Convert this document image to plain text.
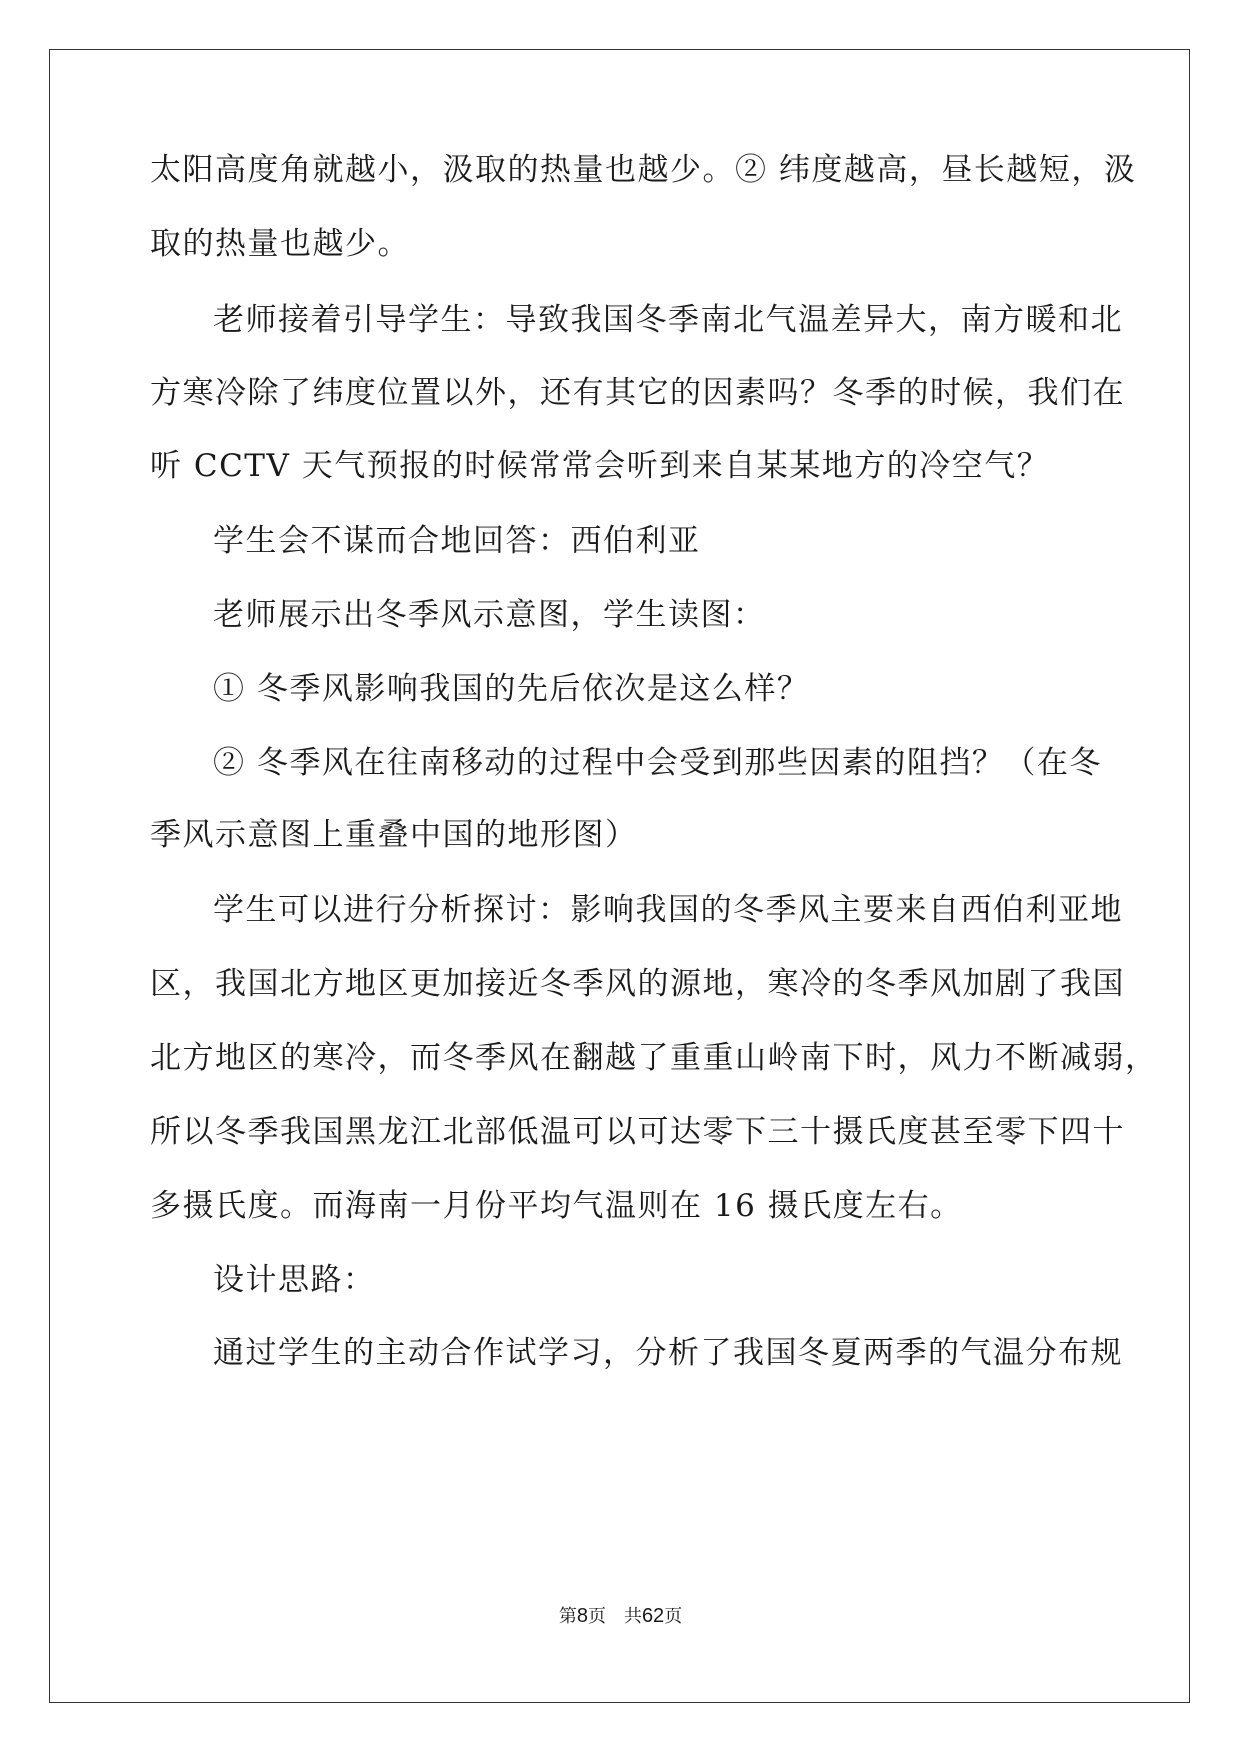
太阳高度角就越小，汲取的热量也越少。② 纬度越高，昼长越短，汲
取的热量也越少。
老师接着引导学生：导致我国冬季南北气温差异大，南方暖和北
方寒冷除了纬度位置以外，还有其它的因素吗？冬季的时候，我们在
听 CCTV 天气预报的时候常常会听到来自某某地方的冷空气？
学生会不谋而合地回答：西伯利亚
老师展示出冬季风示意图，学生读图：
① 冬季风影响我国的先后依次是这么样？
② 冬季风在往南移动的过程中会受到那些因素的阻挡？（在冬
季风示意图上重叠中国的地形图）
学生可以进行分析探讨：影响我国的冬季风主要来自西伯利亚地
区，我国北方地区更加接近冬季风的源地，寒冷的冬季风加剧了我国
北方地区的寒冷，而冬季风在翻越了重重山岭南下时，风力不断减弱，
所以冬季我国黑龙江北部低温可以可达零下三十摄氏度甚至零下四十
多摄氏度。而海南一月份平均气温则在 16 摄氏度左右。
设计思路：
通过学生的主动合作试学习，分析了我国冬夏两季的气温分布规
第8页 共62页
